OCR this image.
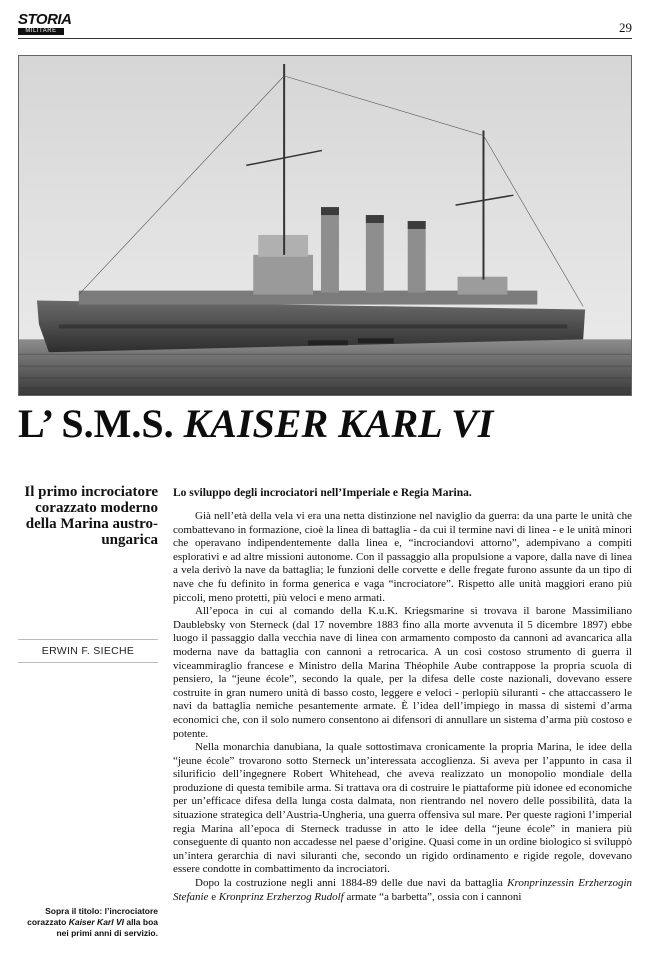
STORIA
MILITARE	29
L’ S.M.S. KAISER KARL VI

Il primo incrociatore corazzato moderno della Marina austro-ungarica

ERWIN F. SIECHE

Sopra il titolo: l’incrociatore corazzato Kaiser Karl VI alla boa nei primi anni di servizio.

Lo sviluppo degli incrociatori nell’Imperiale e Regia Marina.

Già nell’età della vela vi era una netta distinzione nel naviglio da guerra: da una parte le unità che combattevano in formazione, cioè la linea di battaglia - da cui il termine navi di linea - e le unità minori che operavano indipendentemente dalla linea e, “incrociandovi attorno”, adempivano a compiti esplorativi e ad altre missioni autonome. Con il passaggio alla propulsione a vapore, dalla nave di linea a vela derivò la nave da battaglia; le funzioni delle corvette e delle fregate furono assunte da un tipo di nave che fu definito in forma generica e vaga “incrociatore”. Rispetto alle unità maggiori erano più piccoli, meno protetti, più veloci e meno armati.

All’epoca in cui al comando della K.u.K. Kriegsmarine si trovava il barone Massimiliano Daublebsky von Sterneck (dal 17 novembre 1883 fino alla morte avvenuta il 5 dicembre 1897) ebbe luogo il passaggio dalla vecchia nave di linea con armamento composto da cannoni ad avancarica alla moderna nave da battaglia con cannoni a retrocarica. A un così costoso strumento di guerra il viceammiraglio francese e Ministro della Marina Théophile Aube contrappose la propria scuola di pensiero, la “jeune école”, secondo la quale, per la difesa delle coste nazionali, dovevano essere costruite in gran numero unità di basso costo, leggere e veloci - perlopiù siluranti - che attaccassero le navi da battaglia nemiche pesantemente armate. È l’idea dell’impiego in massa di sistemi d’arma economici che, con il solo numero consentono ai difensori di annullare un sistema d’arma più costoso e potente.

Nella monarchia danubiana, la quale sottostimava cronicamente la propria Marina, le idee della “jeune école” trovarono sotto Sterneck un’interessata accoglienza. Si aveva per l’appunto in casa il silurificio dell’ingegnere Robert Whitehead, che aveva realizzato un monopolio mondiale della produzione di questa temibile arma. Si trattava ora di costruire le piattaforme più idonee ed economiche per un’efficace difesa della lunga costa dalmata, non rientrando nel novero delle possibilità, data la situazione strategica dell’Austria-Ungheria, una guerra offensiva sul mare. Per queste ragioni l’imperial regia Marina all’epoca di Sterneck tradusse in atto le idee della “jeune école” in maniera più conseguente di quanto non accadesse nel paese d’origine. Quasi come in un ordine biologico si sviluppò un’intera gerarchia di navi siluranti che, secondo un rigido ordinamento e rigide regole, dovevano essere condotte in combattimento da incrociatori.

Dopo la costruzione negli anni 1884-89 delle due navi da battaglia Kronprinzessin Erzherzogin Stefanie e Kronprinz Erzherzog Rudolf armate “a barbetta”, ossia con i cannoni
